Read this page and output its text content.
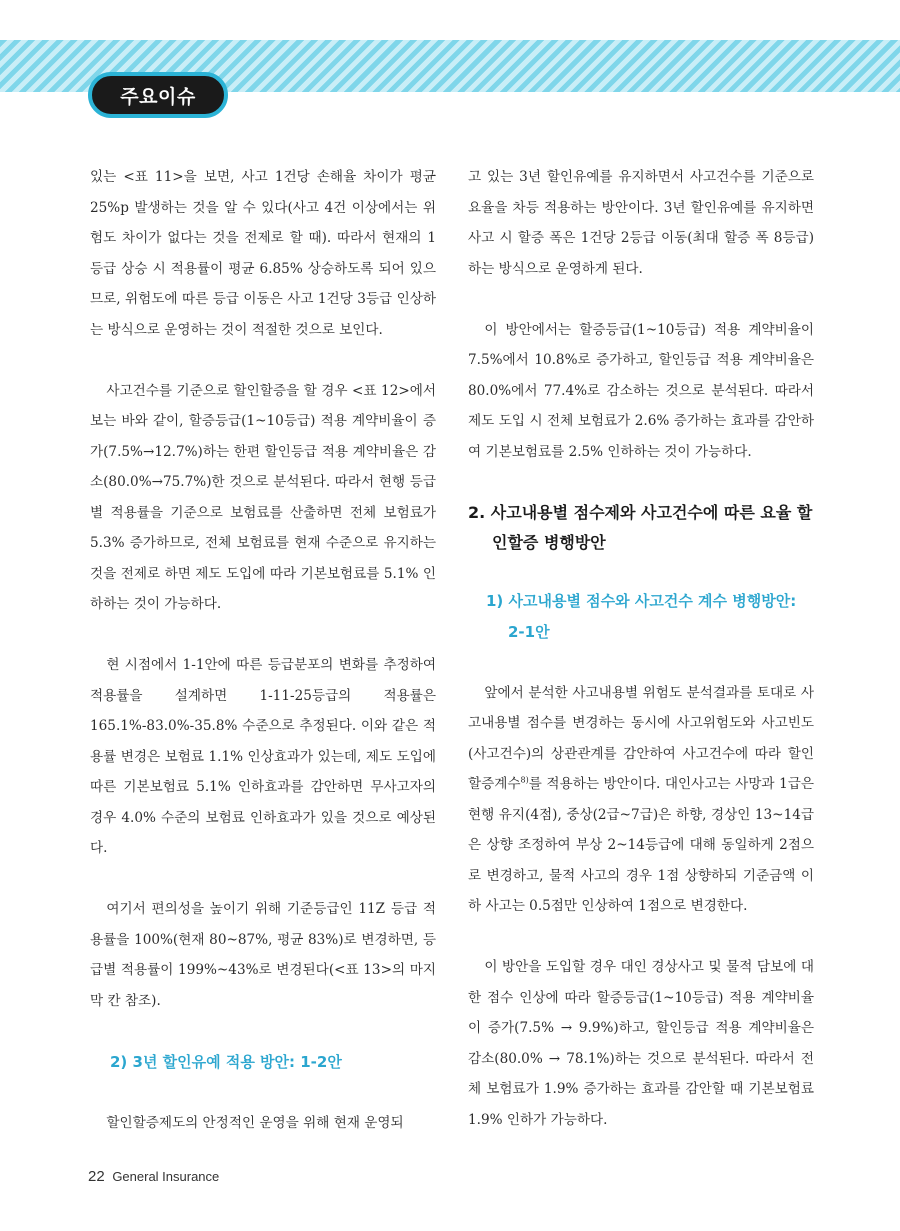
주요이슈

있는 <표 11>을 보면, 사고 1건당 손해율 차이가 평균 25%p 발생하는 것을 알 수 있다(사고 4건 이상에서는 위험도 차이가 없다는 것을 전제로 할 때). 따라서 현재의 1등급 상승 시 적용률이 평균 6.85% 상승하도록 되어 있으므로, 위험도에 따른 등급 이동은 사고 1건당 3등급 인상하는 방식으로 운영하는 것이 적절한 것으로 보인다.

사고건수를 기준으로 할인할증을 할 경우 <표 12>에서 보는 바와 같이, 할증등급(1~10등급) 적용 계약비율이 증가(7.5%→12.7%)하는 한편 할인등급 적용 계약비율은 감소(80.0%→75.7%)한 것으로 분석된다. 따라서 현행 등급별 적용률을 기준으로 보험료를 산출하면 전체 보험료가 5.3% 증가하므로, 전체 보험료를 현재 수준으로 유지하는 것을 전제로 하면 제도 도입에 따라 기본보험료를 5.1% 인하하는 것이 가능하다.

현 시점에서 1-1안에 따른 등급분포의 변화를 추정하여 적용률을 설계하면 1-11-25등급의 적용률은 165.1%-83.0%-35.8% 수준으로 추정된다. 이와 같은 적용률 변경은 보험료 1.1% 인상효과가 있는데, 제도 도입에 따른 기본보험료 5.1% 인하효과를 감안하면 무사고자의 경우 4.0% 수준의 보험료 인하효과가 있을 것으로 예상된다.

여기서 편의성을 높이기 위해 기준등급인 11Z 등급 적용률을 100%(현재 80~87%, 평균 83%)로 변경하면, 등급별 적용률이 199%~43%로 변경된다(<표 13>의 마지막 칸 참조).

2) 3년 할인유예 적용 방안: 1-2안

할인할증제도의 안정적인 운영을 위해 현재 운영되

고 있는 3년 할인유예를 유지하면서 사고건수를 기준으로 요율을 차등 적용하는 방안이다. 3년 할인유예를 유지하면 사고 시 할증 폭은 1건당 2등급 이동(최대 할증 폭 8등급)하는 방식으로 운영하게 된다.

이 방안에서는 할증등급(1~10등급) 적용 계약비율이 7.5%에서 10.8%로 증가하고, 할인등급 적용 계약비율은 80.0%에서 77.4%로 감소하는 것으로 분석된다. 따라서 제도 도입 시 전체 보험료가 2.6% 증가하는 효과를 감안하여 기본보험료를 2.5% 인하하는 것이 가능하다.

2. 사고내용별 점수제와 사고건수에 따른 요율 할인할증 병행방안
1) 사고내용별 점수와 사고건수 계수 병행방안: 2-1안

앞에서 분석한 사고내용별 위험도 분석결과를 토대로 사고내용별 점수를 변경하는 동시에 사고위험도와 사고빈도(사고건수)의 상관관계를 감안하여 사고건수에 따라 할인할증계수$^{8)}$를 적용하는 방안이다. 대인사고는 사망과 1급은 현행 유지(4점), 중상(2급~7급)은 하향, 경상인 13~14급은 상향 조정하여 부상 2~14등급에 대해 동일하게 2점으로 변경하고, 물적 사고의 경우 1점 상향하되 기준금액 이하 사고는 0.5점만 인상하여 1점으로 변경한다.

이 방안을 도입할 경우 대인 경상사고 및 물적 담보에 대한 점수 인상에 따라 할증등급(1~10등급) 적용 계약비율이 증가(7.5% → 9.9%)하고, 할인등급 적용 계약비율은 감소(80.0% → 78.1%)하는 것으로 분석된다. 따라서 전체 보험료가 1.9% 증가하는 효과를 감안할 때 기본보험료 1.9% 인하가 가능하다.

22 General Insurance
